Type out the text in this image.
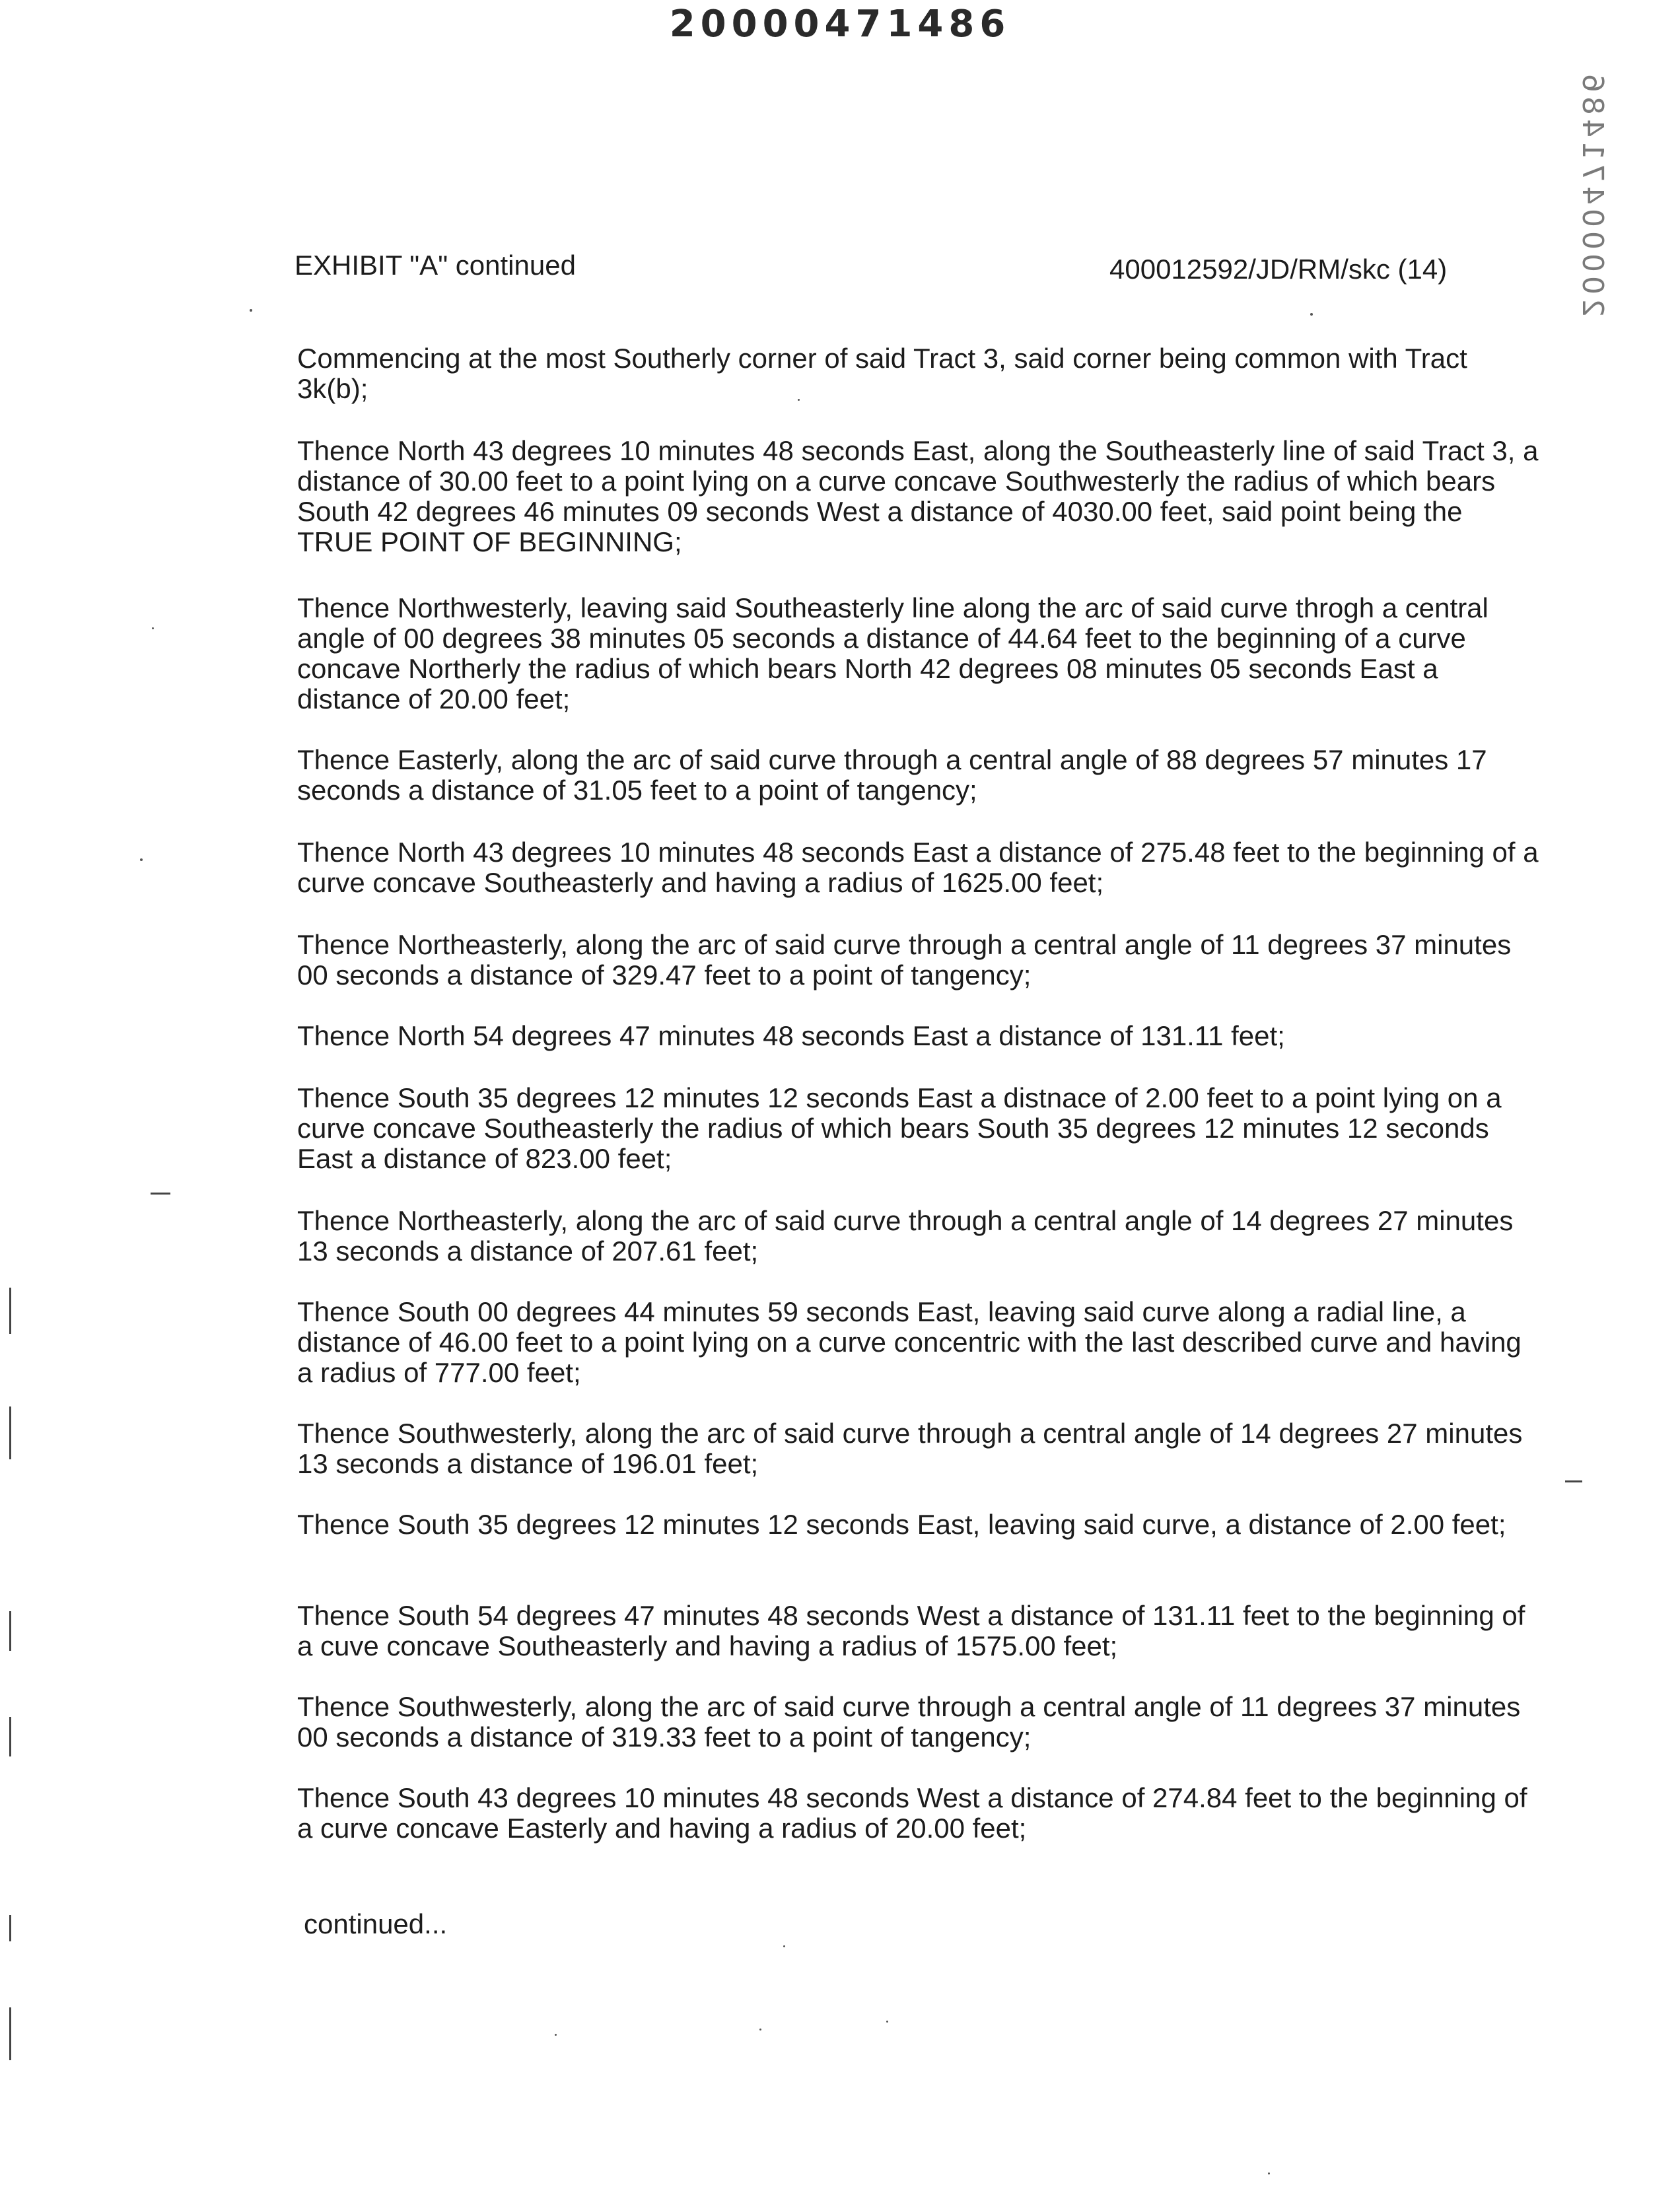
20000471486
20000471486
EXHIBIT "A" continued	400012592/JD/RM/skc (14)

Commencing at the most Southerly corner of said Tract 3, said corner being common with Tract 3k(b);

Thence North 43 degrees 10 minutes 48 seconds East, along the Southeasterly line of said Tract 3, a distance of 30.00 feet to a point lying on a curve concave Southwesterly the radius of which bears South 42 degrees 46 minutes 09 seconds West a distance of 4030.00 feet, said point being the TRUE POINT OF BEGINNING;

Thence Northwesterly, leaving said Southeasterly line along the arc of said curve throgh a central angle of 00 degrees 38 minutes 05 seconds a distance of 44.64 feet to the beginning of a curve concave Northerly the radius of which bears North 42 degrees 08 minutes 05 seconds East a distance of 20.00 feet;

Thence Easterly, along the arc of said curve through a central angle of 88 degrees 57 minutes 17 seconds a distance of 31.05 feet to a point of tangency;

Thence North 43 degrees 10 minutes 48 seconds East a distance of 275.48 feet to the beginning of a curve concave Southeasterly and having a radius of 1625.00 feet;

Thence Northeasterly, along the arc of said curve through a central angle of 11 degrees 37 minutes 00 seconds a distance of 329.47 feet to a point of tangency;

Thence North 54 degrees 47 minutes 48 seconds East a distance of 131.11 feet;

Thence South 35 degrees 12 minutes 12 seconds East a distnace of 2.00 feet to a point lying on a curve concave Southeasterly the radius of which bears South 35 degrees 12 minutes 12 seconds East a distance of 823.00 feet;

Thence Northeasterly, along the arc of said curve through a central angle of 14 degrees 27 minutes 13 seconds a distance of 207.61 feet;

Thence South 00 degrees 44 minutes 59 seconds East, leaving said curve along a radial line, a distance of 46.00 feet to a point lying on a curve concentric with the last described curve and having a radius of 777.00 feet;

Thence Southwesterly, along the arc of said curve through a central angle of 14 degrees 27 minutes 13 seconds a distance of 196.01 feet;

Thence South 35 degrees 12 minutes 12 seconds East, leaving said curve, a distance of 2.00 feet;

Thence South 54 degrees 47 minutes 48 seconds West a distance of 131.11 feet to the beginning of a cuve concave Southeasterly and having a radius of 1575.00 feet;

Thence Southwesterly, along the arc of said curve through a central angle of 11 degrees 37 minutes 00 seconds a distance of 319.33 feet to a point of tangency;

Thence South 43 degrees 10 minutes 48 seconds West a distance of 274.84 feet to the beginning of a curve concave Easterly and having a radius of 20.00 feet;

continued...
